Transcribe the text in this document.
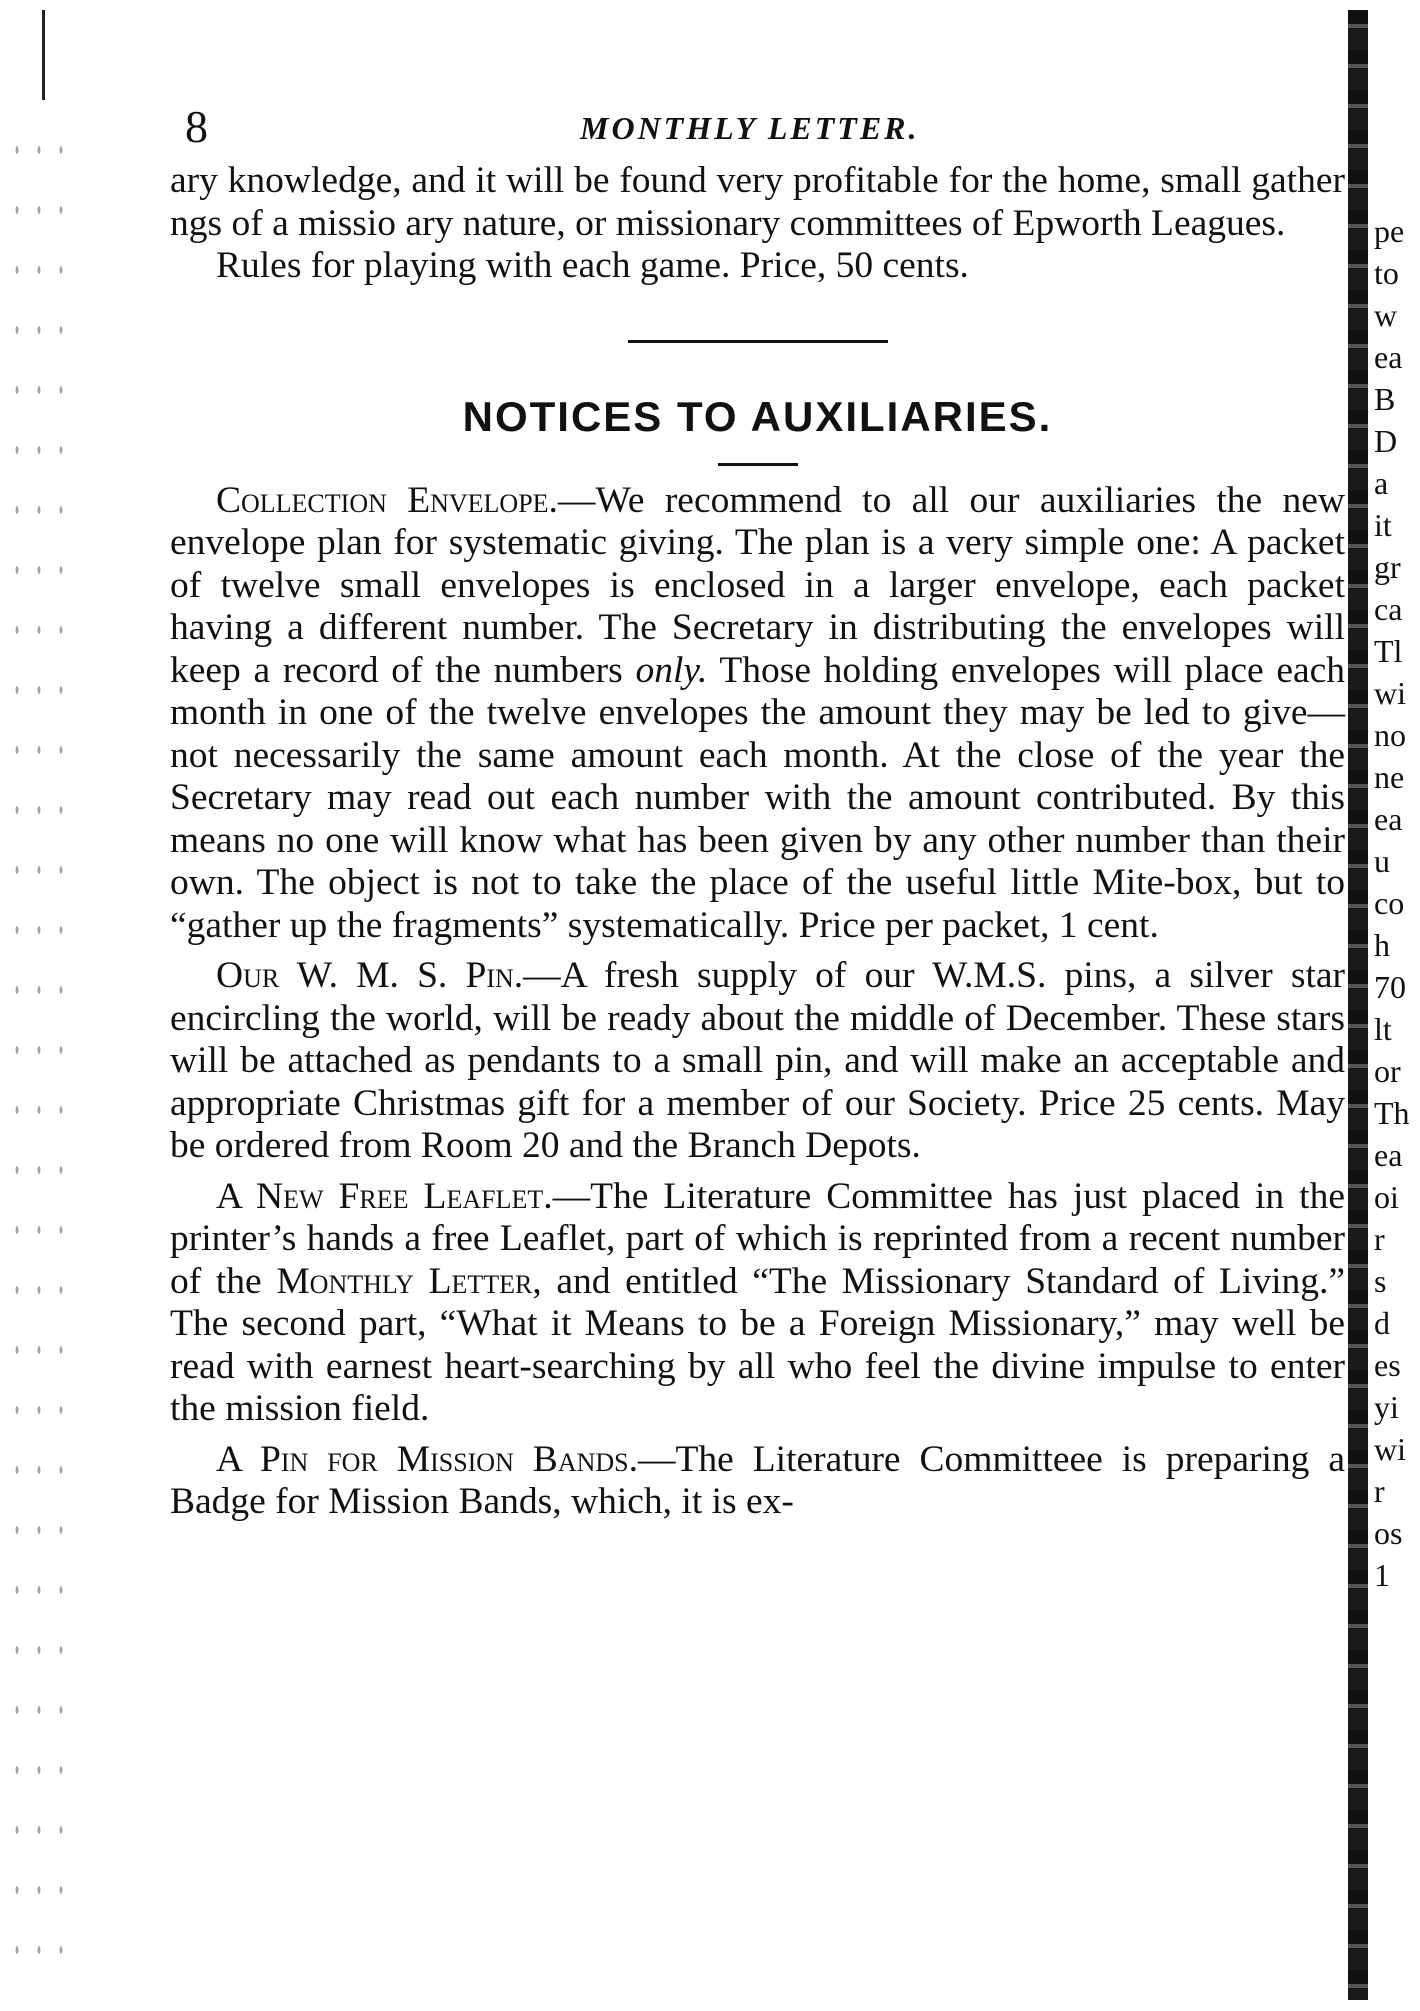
pe
to
w
ea
B
D
a
it
gr
ca
Tl
wi
no
ne
ea
u
co
h
70
lt
or
Th
ea
oi
r
s
d
es
yi
wi
r
os
1
8	MONTHLY LETTER.

ary knowledge, and it will be found very profitable for the home, small gather ngs of a missio ary nature, or missionary committees of Epworth Leagues.

Rules for playing with each game. Price, 50 cents.

NOTICES TO AUXILIARIES.

Collection Envelope.—We recommend to all our auxiliaries the new envelope plan for systematic giving. The plan is a very simple one: A packet of twelve small envelopes is enclosed in a larger envelope, each packet having a different number. The Secretary in distributing the envelopes will keep a record of the numbers only. Those holding envelopes will place each month in one of the twelve envelopes the amount they may be led to give—not necessarily the same amount each month. At the close of the year the Secretary may read out each number with the amount contributed. By this means no one will know what has been given by any other number than their own. The object is not to take the place of the useful little Mite-box, but to “gather up the fragments” systematically. Price per packet, 1 cent.

Our W. M. S. Pin.—A fresh supply of our W.M.S. pins, a silver star encircling the world, will be ready about the middle of December. These stars will be attached as pendants to a small pin, and will make an acceptable and appropriate Christmas gift for a member of our Society. Price 25 cents. May be ordered from Room 20 and the Branch Depots.

A New Free Leaflet.—The Literature Committee has just placed in the printer’s hands a free Leaflet, part of which is reprinted from a recent number of the Monthly Letter, and entitled “The Missionary Standard of Living.” The second part, “What it Means to be a Foreign Missionary,” may well be read with earnest heart-searching by all who feel the divine impulse to enter the mission field.

A Pin for Mission Bands.—The Literature Committeee is preparing a Badge for Mission Bands, which, it is ex-
